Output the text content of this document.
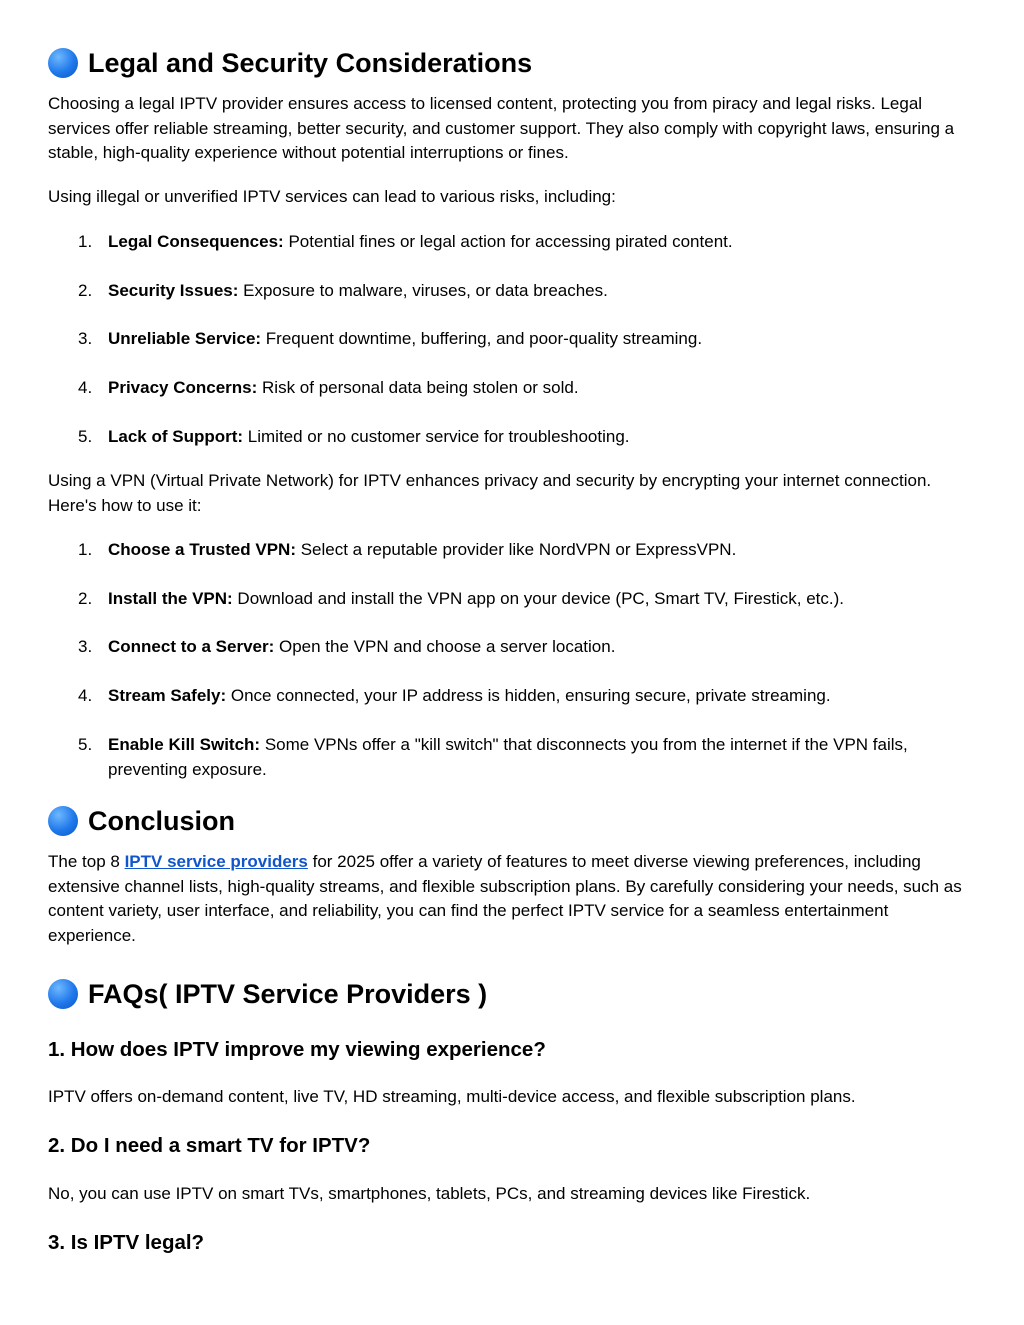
Legal and Security Considerations

Choosing a legal IPTV provider ensures access to licensed content, protecting you from piracy and legal risks. Legal services offer reliable streaming, better security, and customer support. They also comply with copyright laws, ensuring a stable, high-quality experience without potential interruptions or fines.

Using illegal or unverified IPTV services can lead to various risks, including:

1. Legal Consequences: Potential fines or legal action for accessing pirated content.
2. Security Issues: Exposure to malware, viruses, or data breaches.
3. Unreliable Service: Frequent downtime, buffering, and poor-quality streaming.
4. Privacy Concerns: Risk of personal data being stolen or sold.
5. Lack of Support: Limited or no customer service for troubleshooting.

Using a VPN (Virtual Private Network) for IPTV enhances privacy and security by encrypting your internet connection. Here's how to use it:

1. Choose a Trusted VPN: Select a reputable provider like NordVPN or ExpressVPN.
2. Install the VPN: Download and install the VPN app on your device (PC, Smart TV, Firestick, etc.).
3. Connect to a Server: Open the VPN and choose a server location.
4. Stream Safely: Once connected, your IP address is hidden, ensuring secure, private streaming.
5. Enable Kill Switch: Some VPNs offer a "kill switch" that disconnects you from the internet if the VPN fails, preventing exposure.
Conclusion

The top 8 IPTV service providers for 2025 offer a variety of features to meet diverse viewing preferences, including extensive channel lists, high-quality streams, and flexible subscription plans. By carefully considering your needs, such as content variety, user interface, and reliability, you can find the perfect IPTV service for a seamless entertainment experience.

FAQs( IPTV Service Providers )
1. How does IPTV improve my viewing experience?

IPTV offers on-demand content, live TV, HD streaming, multi-device access, and flexible subscription plans.

2. Do I need a smart TV for IPTV?

No, you can use IPTV on smart TVs, smartphones, tablets, PCs, and streaming devices like Firestick.

3. Is IPTV legal?
